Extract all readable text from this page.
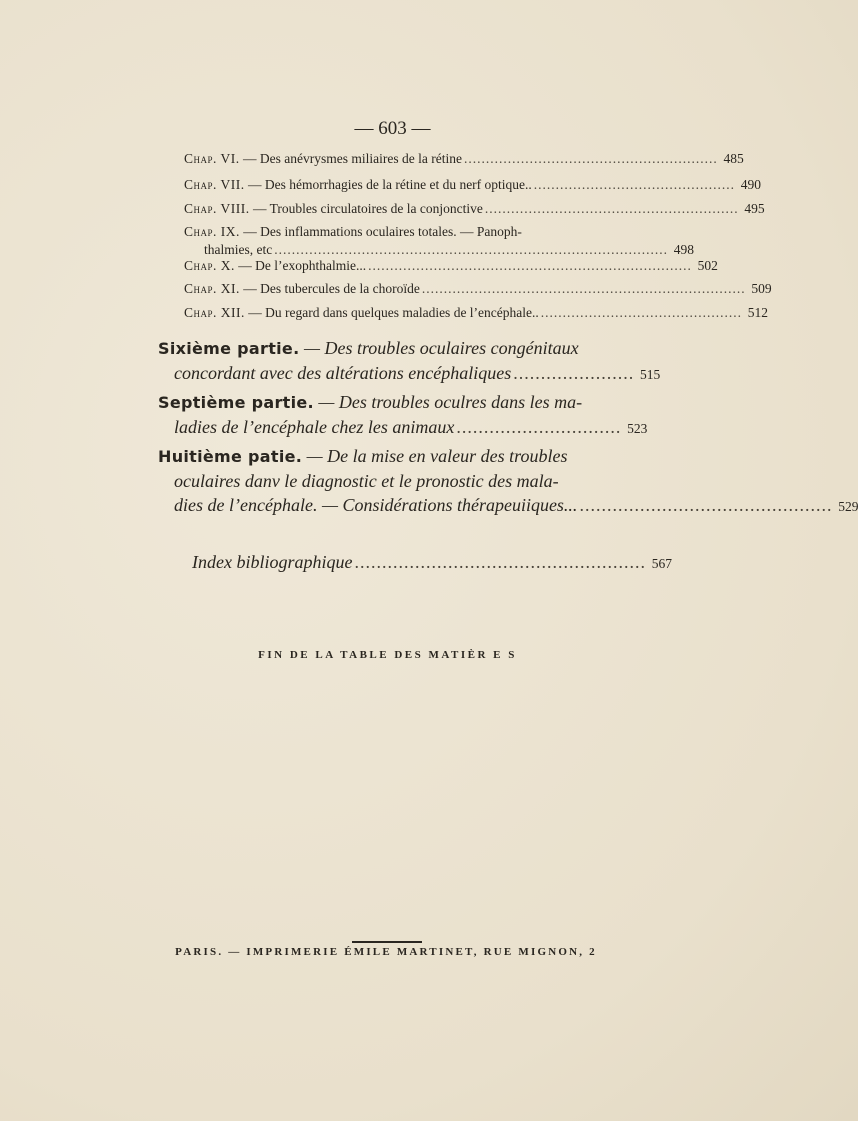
— 603 —
Chap. VI. — Des anévrysmes miliaires de la rétine .......................................................... 485
Chap. VII. — Des hémorrhagies de la rétine et du nerf optique.. .............................................. 490
Chap. VIII. — Troubles circulatoires de la conjonctive .......................................................... 495
Chap. IX. — Des inflammations oculaires totales. — Panoph-
thalmies, etc .......................................................................................... 498
Chap. X. — De l’exophthalmie... .......................................................................... 502
Chap. XI. — Des tubercules de la choroïde .......................................................................... 509
Chap. XII. — Du regard dans quelques maladies de l’encéphale.. .............................................. 512
Sixième partie. — Des troubles oculaires congénitaux
concordant avec des altérations encéphaliques ...................... 515
Septième partie. — Des troubles oculres dans les ma-
ladies de l’encéphale chez les animaux .............................. 523
Huitième patie. — De la mise en valeur des troubles
oculaires danv le diagnostic et le pronostic des mala-
dies de l’encéphale. — Considérations thérapeuiiques... .............................................. 529
Index bibliographique ..................................................... 567
FIN DE LA TABLE DES MATIÈR E S
PARIS. — IMPRIMERIE ÉMILE MARTINET, RUE MIGNON, 2
